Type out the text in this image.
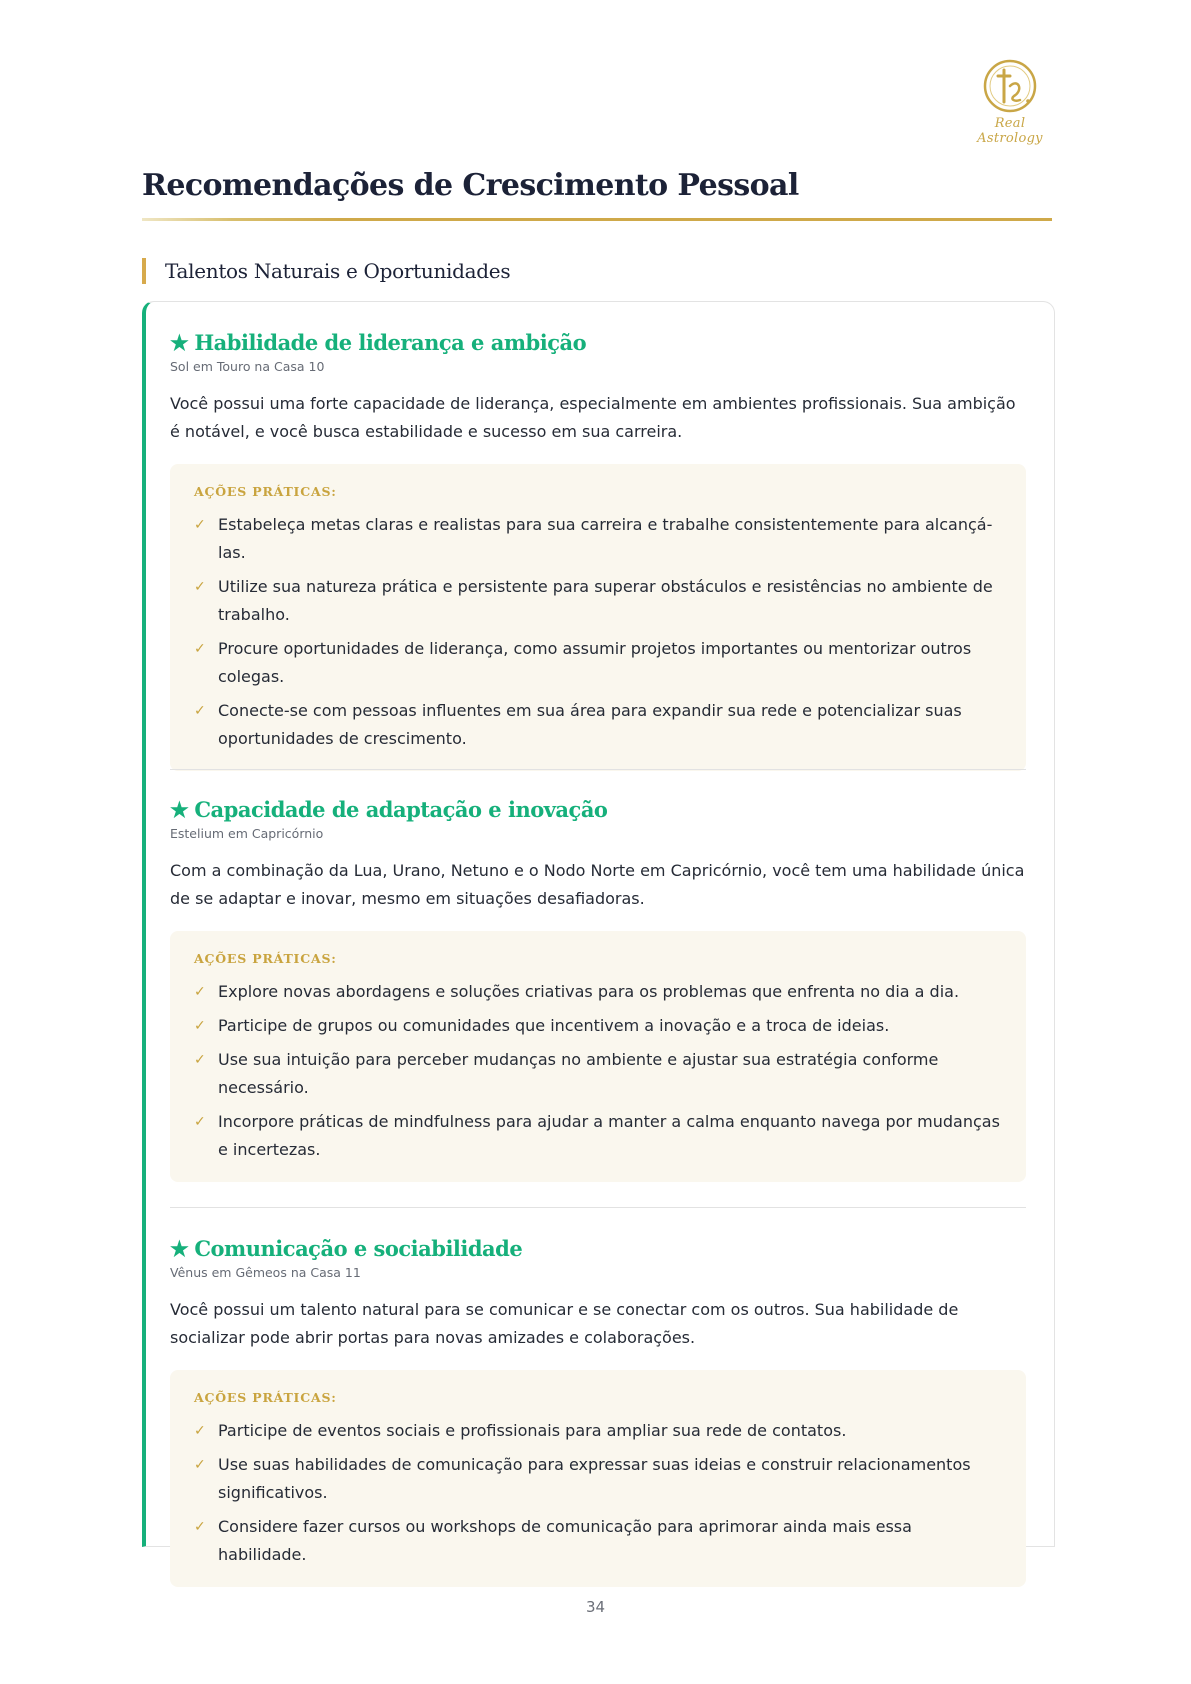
Real Astrology
Recomendações de Crescimento Pessoal
Talentos Naturais e Oportunidades
★ Habilidade de liderança e ambição
Sol em Touro na Casa 10
Você possui uma forte capacidade de liderança, especialmente em ambientes profissionais. Sua ambição é notável, e você busca estabilidade e sucesso em sua carreira.
AÇÕES PRÁTICAS:
✓ Estabeleça metas claras e realistas para sua carreira e trabalhe consistentemente para alcançá-las.
✓ Utilize sua natureza prática e persistente para superar obstáculos e resistências no ambiente de trabalho.
✓ Procure oportunidades de liderança, como assumir projetos importantes ou mentorizar outros colegas.
✓ Conecte-se com pessoas influentes em sua área para expandir sua rede e potencializar suas oportunidades de crescimento.
★ Capacidade de adaptação e inovação
Estelium em Capricórnio
Com a combinação da Lua, Urano, Netuno e o Nodo Norte em Capricórnio, você tem uma habilidade única de se adaptar e inovar, mesmo em situações desafiadoras.
AÇÕES PRÁTICAS:
✓ Explore novas abordagens e soluções criativas para os problemas que enfrenta no dia a dia.
✓ Participe de grupos ou comunidades que incentivem a inovação e a troca de ideias.
✓ Use sua intuição para perceber mudanças no ambiente e ajustar sua estratégia conforme necessário.
✓ Incorpore práticas de mindfulness para ajudar a manter a calma enquanto navega por mudanças e incertezas.
★ Comunicação e sociabilidade
Vênus em Gêmeos na Casa 11
Você possui um talento natural para se comunicar e se conectar com os outros. Sua habilidade de socializar pode abrir portas para novas amizades e colaborações.
AÇÕES PRÁTICAS:
✓ Participe de eventos sociais e profissionais para ampliar sua rede de contatos.
✓ Use suas habilidades de comunicação para expressar suas ideias e construir relacionamentos significativos.
✓ Considere fazer cursos ou workshops de comunicação para aprimorar ainda mais essa habilidade.
34
